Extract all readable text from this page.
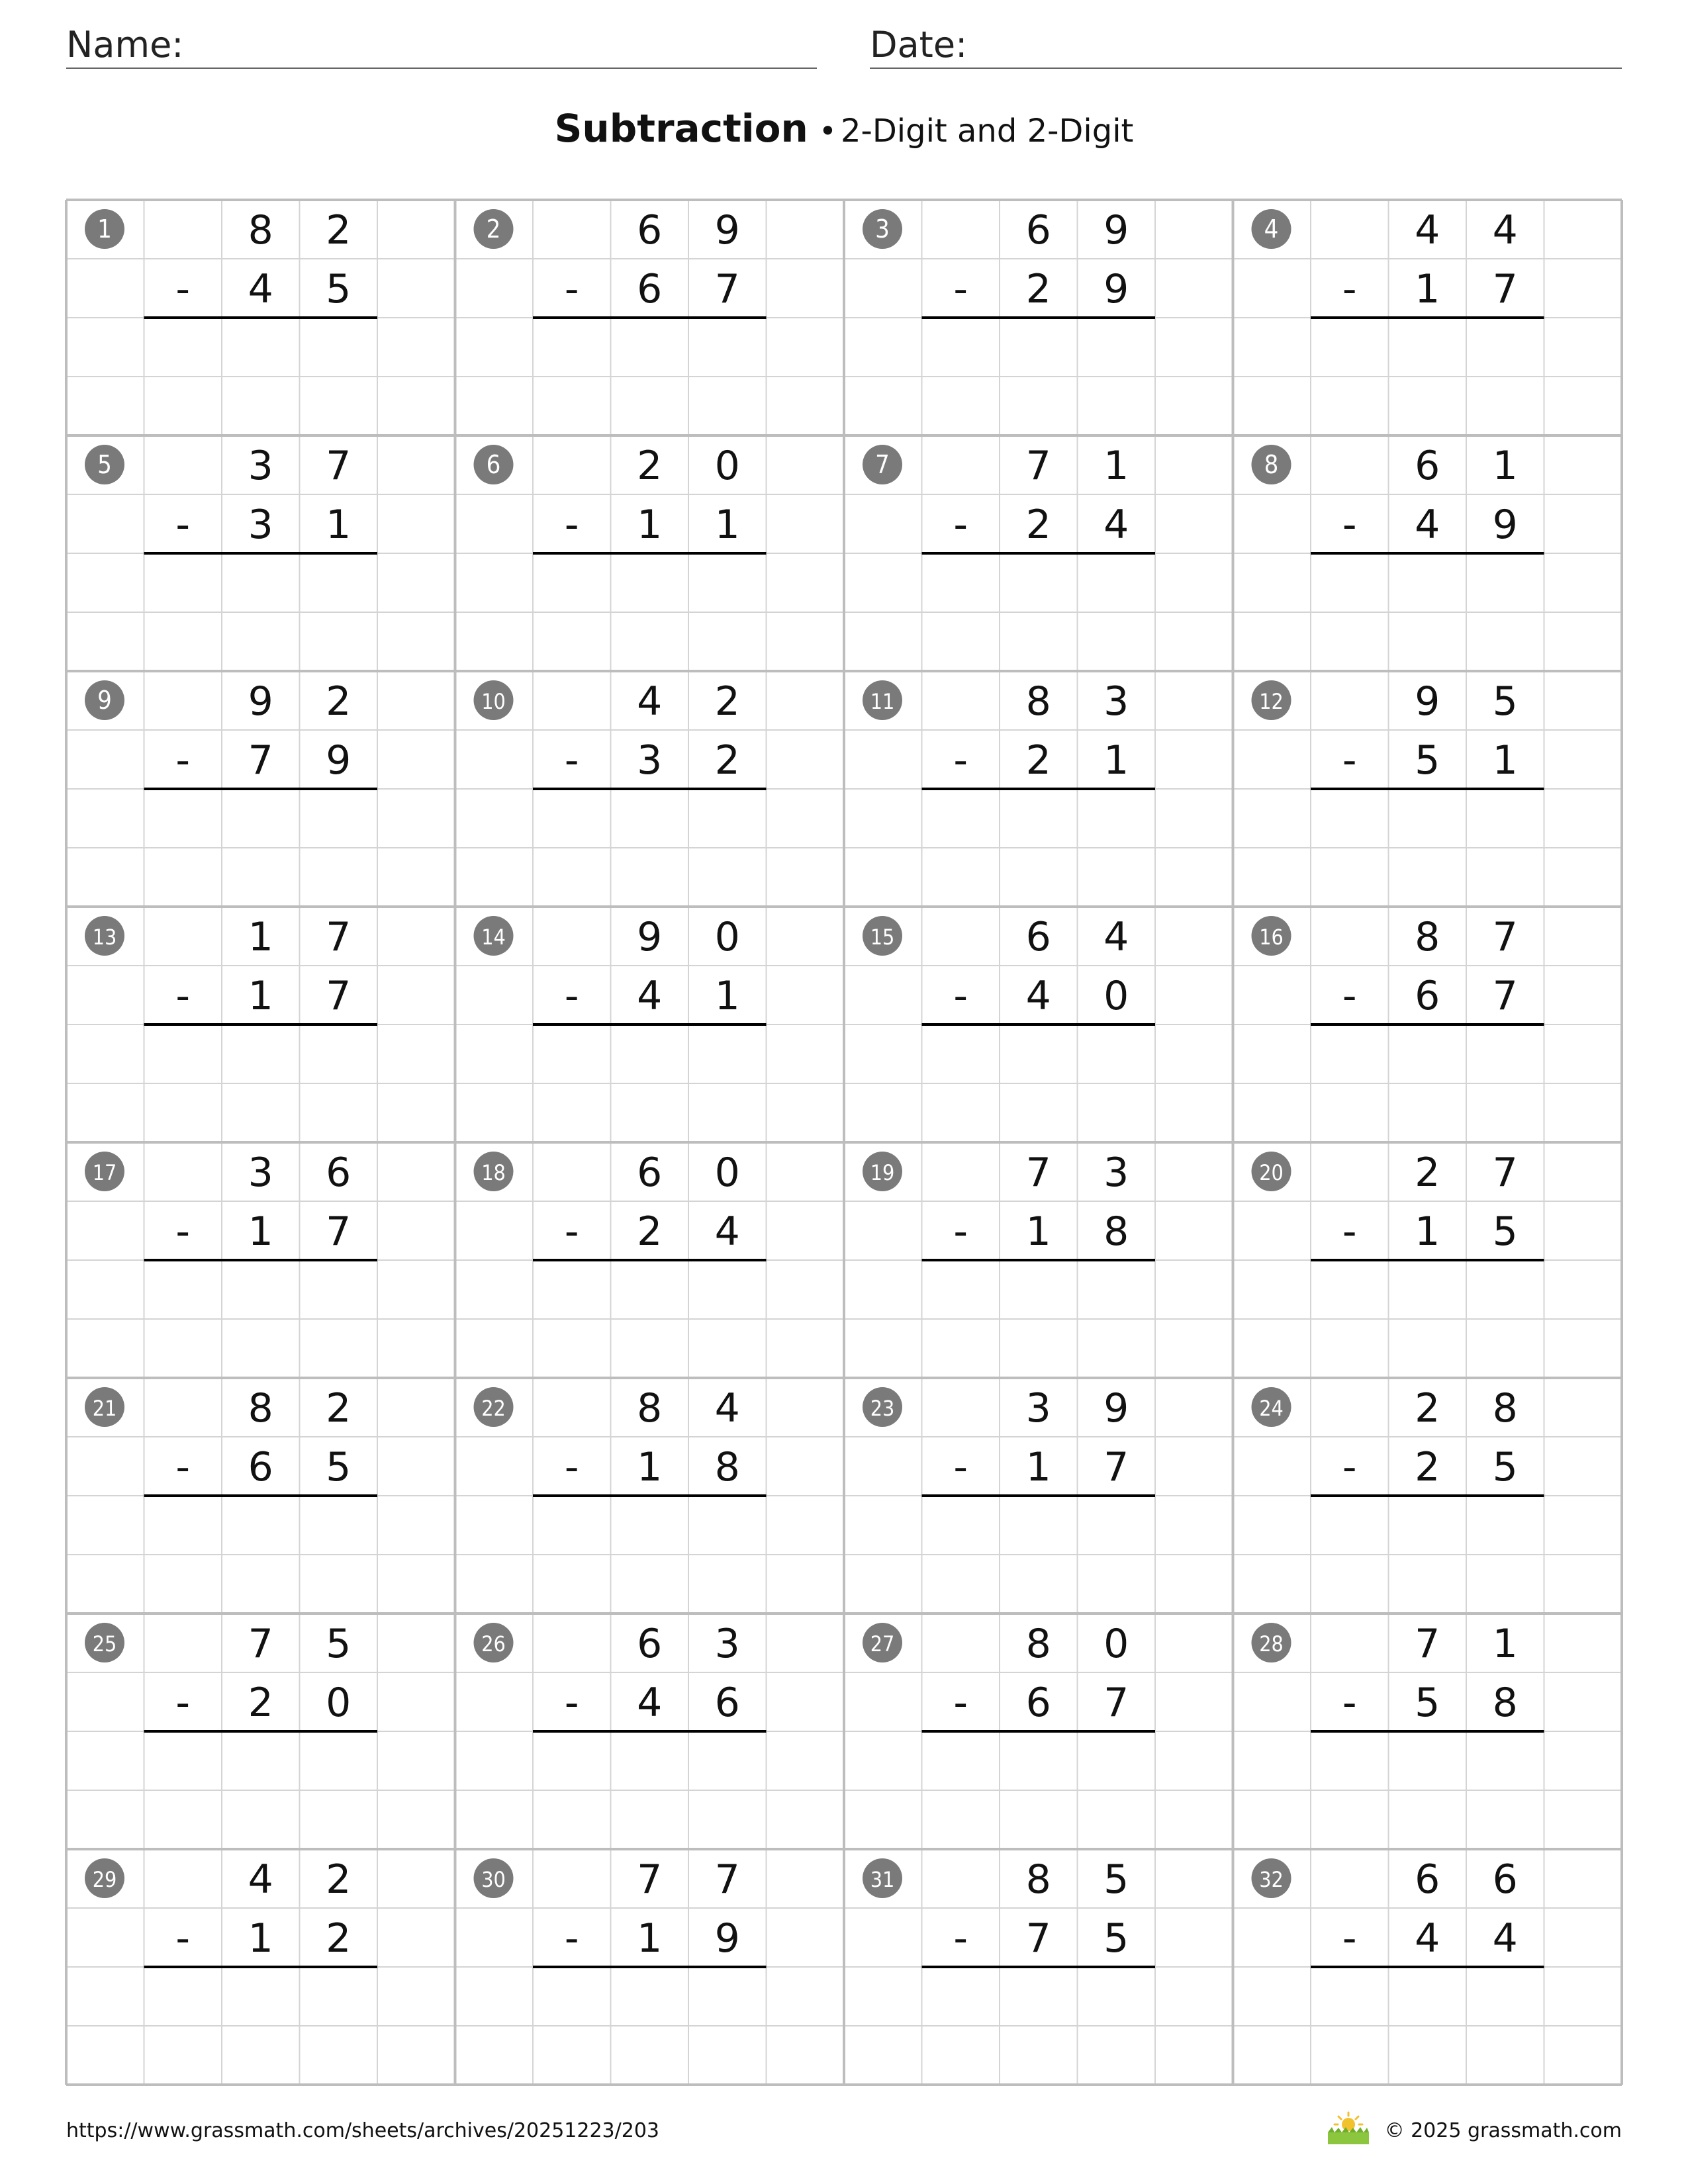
Name:	Date:
Subtraction • 2-Digit and 2-Digit
1	8 2
- 4 5
2	6 9
- 6 7
3	6 9
- 2 9
4	4 4
- 1 7
5	3 7
- 3 1
6	2 0
- 1 1
7	7 1
- 2 4
8	6 1
- 4 9
9	9 2
- 7 9
10	4 2
- 3 2
11	8 3
- 2 1
12	9 5
- 5 1
13	1 7
- 1 7
14	9 0
- 4 1
15	6 4
- 4 0
16	8 7
- 6 7
17	3 6
- 1 7
18	6 0
- 2 4
19	7 3
- 1 8
20	2 7
- 1 5
21	8 2
- 6 5
22	8 4
- 1 8
23	3 9
- 1 7
24	2 8
- 2 5
25	7 5
- 2 0
26	6 3
- 4 6
27	8 0
- 6 7
28	7 1
- 5 8
29	4 2
- 1 2
30	7 7
- 1 9
31	8 5
- 7 5
32	6 6
- 4 4
https://www.grassmath.com/sheets/archives/20251223/203	© 2025 grassmath.com
